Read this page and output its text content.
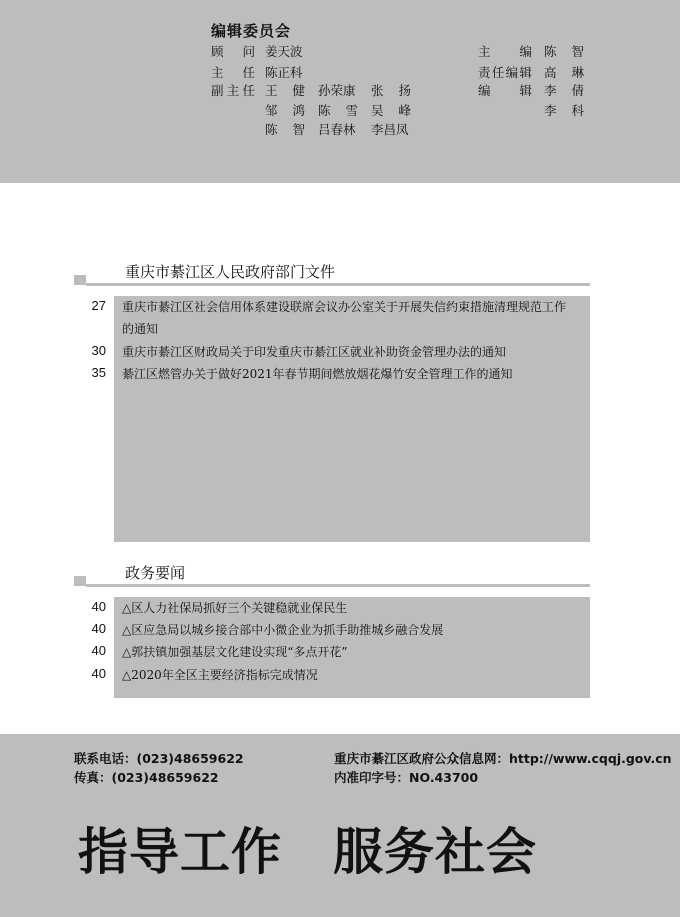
编辑委员会
顾问 姜天波
主任 陈正科
副主任 王健 孙荣康 张扬
邹鸿 陈雪 吴峰
陈智 吕春林 李昌凤
主编 陈智
责任编辑 高琳
编辑 李倩
李科
重庆市綦江区人民政府部门文件
27 重庆市綦江区社会信用体系建设联席会议办公室关于开展失信约束措施清理规范工作的通知
30 重庆市綦江区财政局关于印发重庆市綦江区就业补助资金管理办法的通知
35 綦江区燃管办关于做好2021年春节期间燃放烟花爆竹安全管理工作的通知
政务要闻
40 △区人力社保局抓好三个关键稳就业保民生
40 △区应急局以城乡接合部中小微企业为抓手助推城乡融合发展
40 △郭扶镇加强基层文化建设实现“多点开花”
40 △2020年全区主要经济指标完成情况
联系电话：(023)48659622
传真：(023)48659622
重庆市綦江区政府公众信息网：http://www.cqqj.gov.cn
内准印字号：NO.43700
指导工作　服务社会
